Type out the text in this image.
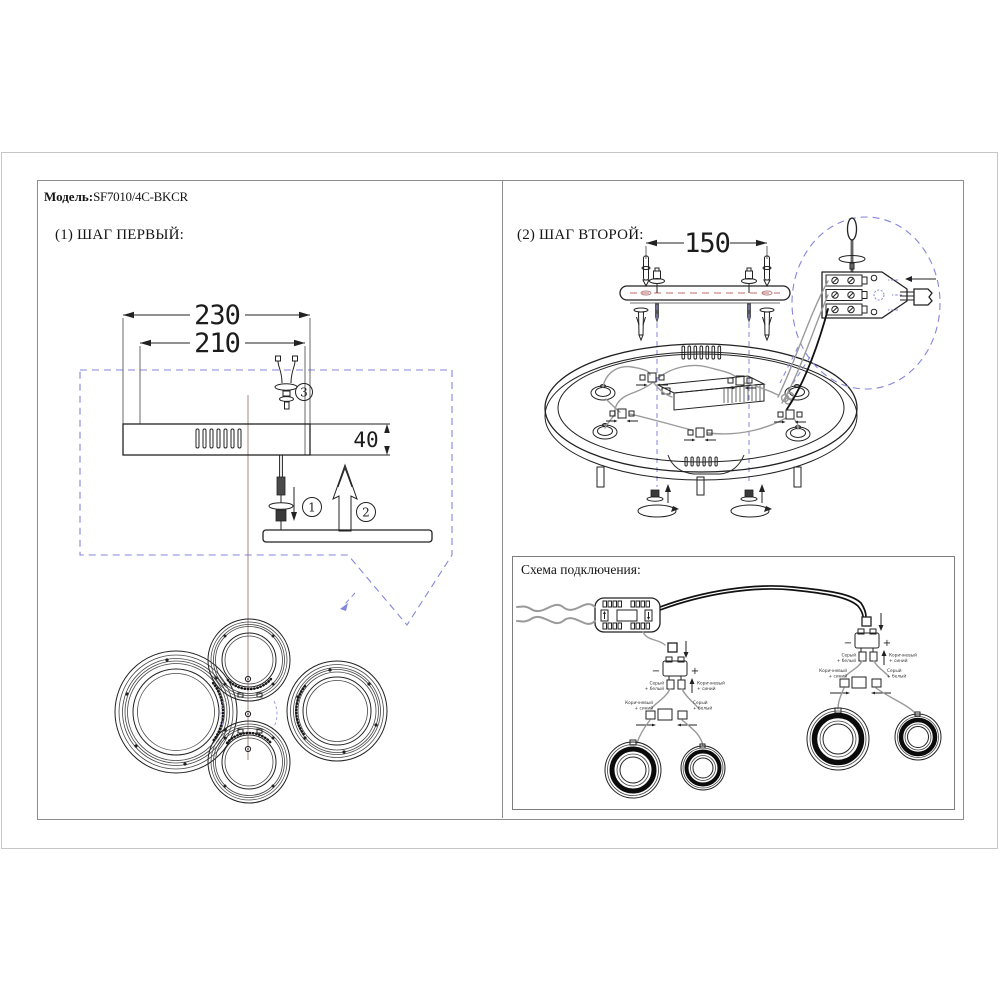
Модель:SF7010/4C-BKCR
(1) ШАГ ПЕРВЫЙ:	(2) ШАГ ВТОРОЙ:
230
210
40
3
1	2
150
Схема подключения:
−	+
Серый
+ белый
Коричневый
+ синий
Коричневый
+ синий
Серый
+ белый
−	+
Серый
+ белый
Коричневый
+ синий
Коричневый
+ синий
Серый
+ белый
